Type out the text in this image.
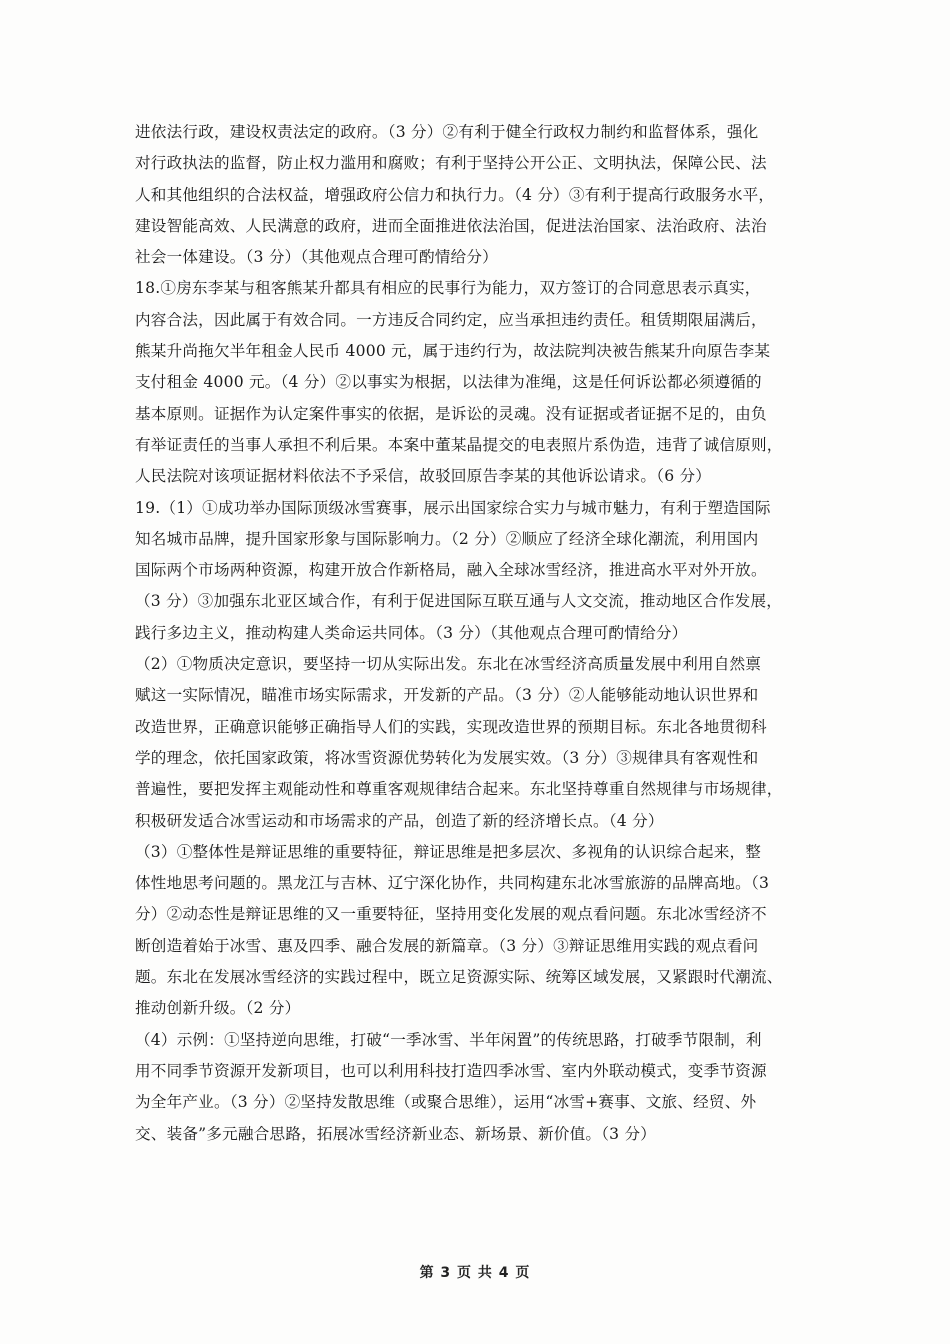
进依法行政，建设权责法定的政府。（3 分）②有利于健全行政权力制约和监督体系，强化
对行政执法的监督，防止权力滥用和腐败；有利于坚持公开公正、文明执法，保障公民、法
人和其他组织的合法权益，增强政府公信力和执行力。（4 分）③有利于提高行政服务水平，
建设智能高效、人民满意的政府，进而全面推进依法治国，促进法治国家、法治政府、法治
社会一体建设。（3 分）（其他观点合理可酌情给分）
18.①房东李某与租客熊某升都具有相应的民事行为能力，双方签订的合同意思表示真实，
内容合法，因此属于有效合同。一方违反合同约定，应当承担违约责任。租赁期限届满后，
熊某升尚拖欠半年租金人民币 4000 元，属于违约行为，故法院判决被告熊某升向原告李某
支付租金 4000 元。（4 分）②以事实为根据，以法律为准绳，这是任何诉讼都必须遵循的
基本原则。证据作为认定案件事实的依据，是诉讼的灵魂。没有证据或者证据不足的，由负
有举证责任的当事人承担不利后果。本案中董某晶提交的电表照片系伪造，违背了诚信原则，
人民法院对该项证据材料依法不予采信，故驳回原告李某的其他诉讼请求。（6 分）
19.（1）①成功举办国际顶级冰雪赛事，展示出国家综合实力与城市魅力，有利于塑造国际
知名城市品牌，提升国家形象与国际影响力。（2 分）②顺应了经济全球化潮流，利用国内
国际两个市场两种资源，构建开放合作新格局，融入全球冰雪经济，推进高水平对外开放。
（3 分）③加强东北亚区域合作，有利于促进国际互联互通与人文交流，推动地区合作发展，
践行多边主义，推动构建人类命运共同体。（3 分）（其他观点合理可酌情给分）
（2）①物质决定意识，要坚持一切从实际出发。东北在冰雪经济高质量发展中利用自然禀
赋这一实际情况，瞄准市场实际需求，开发新的产品。（3 分）②人能够能动地认识世界和
改造世界，正确意识能够正确指导人们的实践，实现改造世界的预期目标。东北各地贯彻科
学的理念，依托国家政策，将冰雪资源优势转化为发展实效。（3 分）③规律具有客观性和
普遍性，要把发挥主观能动性和尊重客观规律结合起来。东北坚持尊重自然规律与市场规律，
积极研发适合冰雪运动和市场需求的产品，创造了新的经济增长点。（4 分）
（3）①整体性是辩证思维的重要特征，辩证思维是把多层次、多视角的认识综合起来，整
体性地思考问题的。黑龙江与吉林、辽宁深化协作，共同构建东北冰雪旅游的品牌高地。（3
分）②动态性是辩证思维的又一重要特征，坚持用变化发展的观点看问题。东北冰雪经济不
断创造着始于冰雪、惠及四季、融合发展的新篇章。（3 分）③辩证思维用实践的观点看问
题。东北在发展冰雪经济的实践过程中，既立足资源实际、统筹区域发展，又紧跟时代潮流、
推动创新升级。（2 分）
（4）示例：①坚持逆向思维，打破“一季冰雪、半年闲置”的传统思路，打破季节限制，利
用不同季节资源开发新项目，也可以利用科技打造四季冰雪、室内外联动模式，变季节资源
为全年产业。（3 分）②坚持发散思维（或聚合思维），运用“冰雪+赛事、文旅、经贸、外
交、装备”多元融合思路，拓展冰雪经济新业态、新场景、新价值。（3 分）
第 3 页 共 4 页
